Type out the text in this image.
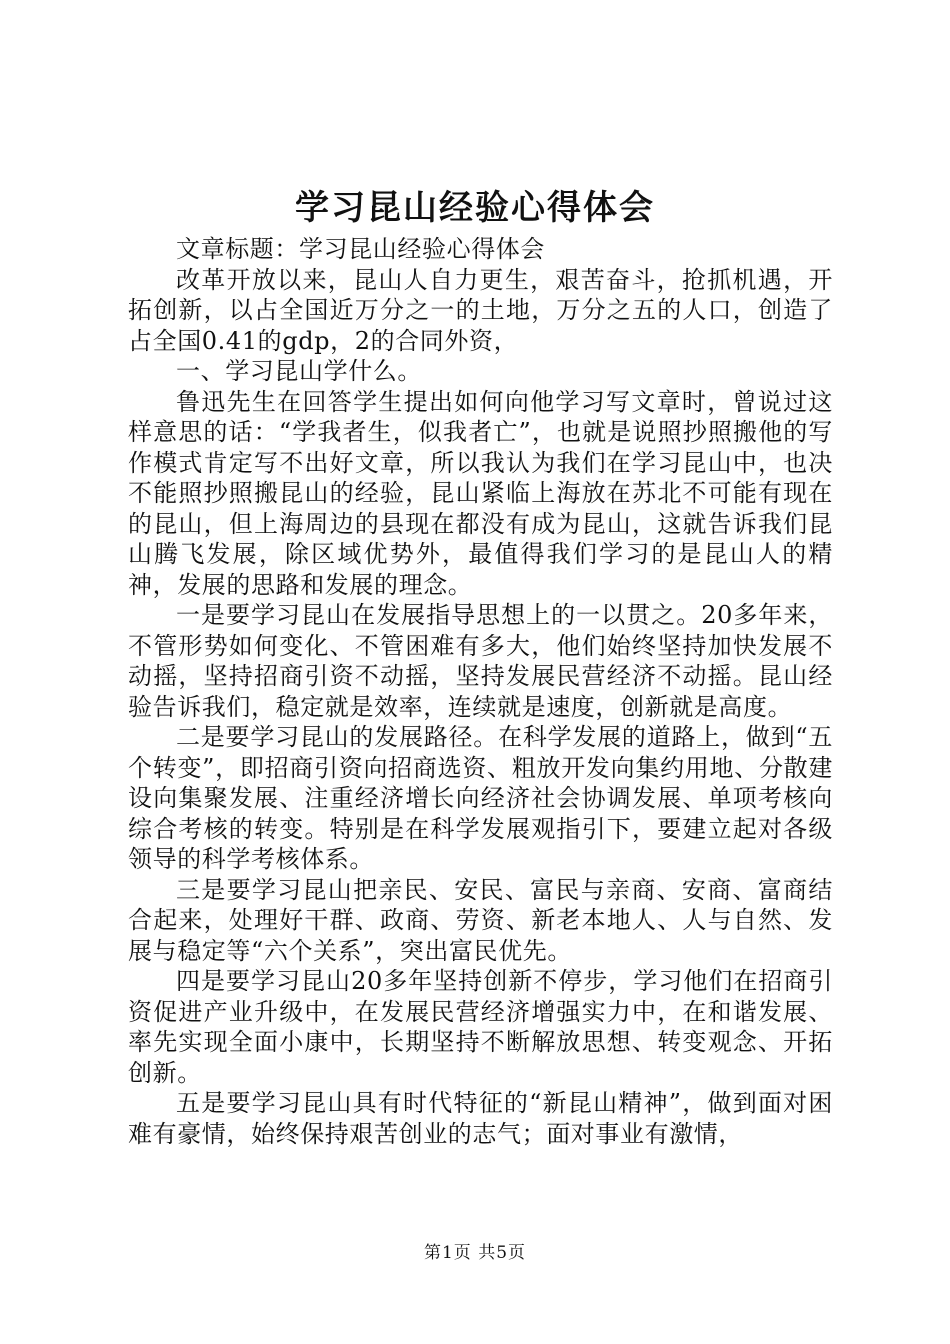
学习昆山经验心得体会

文章标题：学习昆山经验心得体会

改革开放以来，昆山人自力更生，艰苦奋斗，抢抓机遇，开拓创新，以占全国近万分之一的土地，万分之五的人口，创造了占全国0.41的gdp，2的合同外资，

一、学习昆山学什么。

鲁迅先生在回答学生提出如何向他学习写文章时，曾说过这样意思的话：“学我者生，似我者亡”，也就是说照抄照搬他的写作模式肯定写不出好文章，所以我认为我们在学习昆山中，也决不能照抄照搬昆山的经验，昆山紧临上海放在苏北不可能有现在的昆山，但上海周边的县现在都没有成为昆山，这就告诉我们昆山腾飞发展，除区域优势外，最值得我们学习的是昆山人的精神，发展的思路和发展的理念。

一是要学习昆山在发展指导思想上的一以贯之。20多年来，不管形势如何变化、不管困难有多大，他们始终坚持加快发展不动摇，坚持招商引资不动摇，坚持发展民营经济不动摇。昆山经验告诉我们，稳定就是效率，连续就是速度，创新就是高度。

二是要学习昆山的发展路径。在科学发展的道路上，做到“五个转变”，即招商引资向招商选资、粗放开发向集约用地、分散建设向集聚发展、注重经济增长向经济社会协调发展、单项考核向综合考核的转变。特别是在科学发展观指引下，要建立起对各级领导的科学考核体系。

三是要学习昆山把亲民、安民、富民与亲商、安商、富商结合起来，处理好干群、政商、劳资、新老本地人、人与自然、发展与稳定等“六个关系”，突出富民优先。

四是要学习昆山20多年坚持创新不停步，学习他们在招商引资促进产业升级中，在发展民营经济增强实力中，在和谐发展、率先实现全面小康中，长期坚持不断解放思想、转变观念、开拓创新。

五是要学习昆山具有时代特征的“新昆山精神”，做到面对困难有豪情，始终保持艰苦创业的志气；面对事业有激情，

第1页 共5页
